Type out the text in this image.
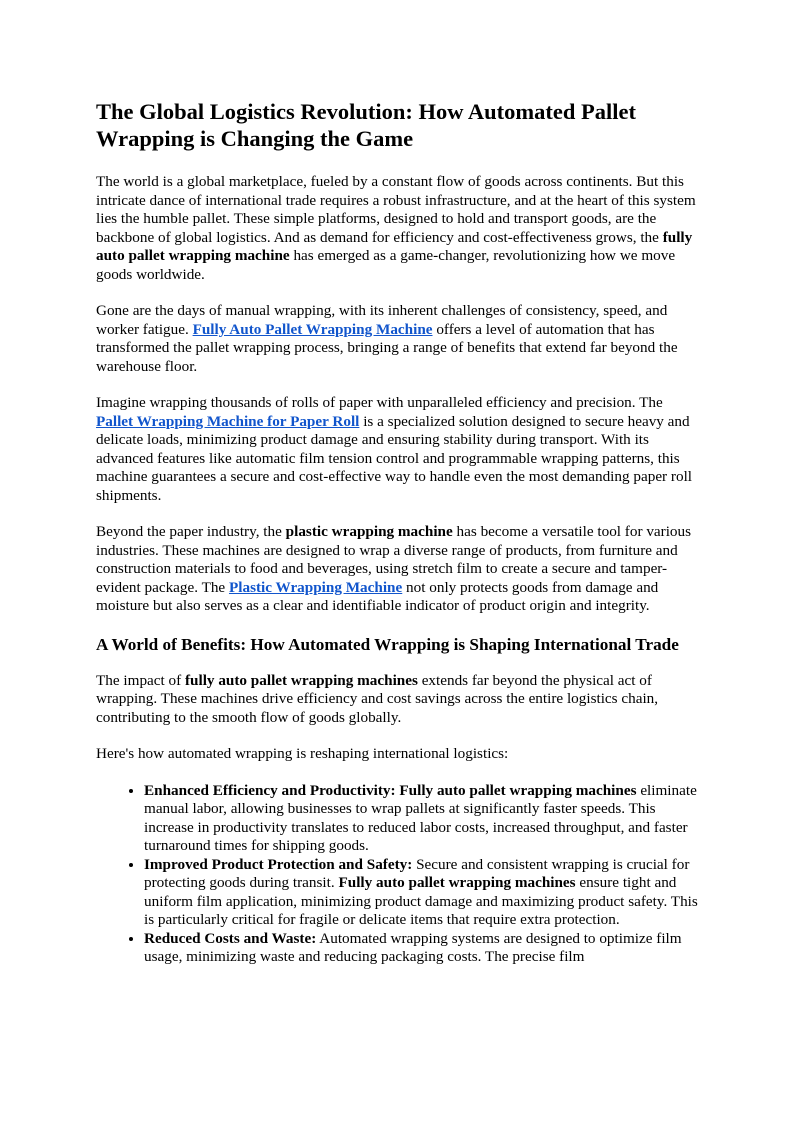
The Global Logistics Revolution: How Automated Pallet Wrapping is Changing the Game

The world is a global marketplace, fueled by a constant flow of goods across continents. But this intricate dance of international trade requires a robust infrastructure, and at the heart of this system lies the humble pallet. These simple platforms, designed to hold and transport goods, are the backbone of global logistics. And as demand for efficiency and cost-effectiveness grows, the fully auto pallet wrapping machine has emerged as a game-changer, revolutionizing how we move goods worldwide.

Gone are the days of manual wrapping, with its inherent challenges of consistency, speed, and worker fatigue. Fully Auto Pallet Wrapping Machine offers a level of automation that has transformed the pallet wrapping process, bringing a range of benefits that extend far beyond the warehouse floor.

Imagine wrapping thousands of rolls of paper with unparalleled efficiency and precision. The Pallet Wrapping Machine for Paper Roll is a specialized solution designed to secure heavy and delicate loads, minimizing product damage and ensuring stability during transport. With its advanced features like automatic film tension control and programmable wrapping patterns, this machine guarantees a secure and cost-effective way to handle even the most demanding paper roll shipments.

Beyond the paper industry, the plastic wrapping machine has become a versatile tool for various industries. These machines are designed to wrap a diverse range of products, from furniture and construction materials to food and beverages, using stretch film to create a secure and tamper-evident package. The Plastic Wrapping Machine not only protects goods from damage and moisture but also serves as a clear and identifiable indicator of product origin and integrity.

A World of Benefits: How Automated Wrapping is Shaping International Trade

The impact of fully auto pallet wrapping machines extends far beyond the physical act of wrapping. These machines drive efficiency and cost savings across the entire logistics chain, contributing to the smooth flow of goods globally.

Here's how automated wrapping is reshaping international logistics:

• Enhanced Efficiency and Productivity: Fully auto pallet wrapping machines eliminate manual labor, allowing businesses to wrap pallets at significantly faster speeds. This increase in productivity translates to reduced labor costs, increased throughput, and faster turnaround times for shipping goods.
• Improved Product Protection and Safety: Secure and consistent wrapping is crucial for protecting goods during transit. Fully auto pallet wrapping machines ensure tight and uniform film application, minimizing product damage and maximizing product safety. This is particularly critical for fragile or delicate items that require extra protection.
• Reduced Costs and Waste: Automated wrapping systems are designed to optimize film usage, minimizing waste and reducing packaging costs. The precise film
